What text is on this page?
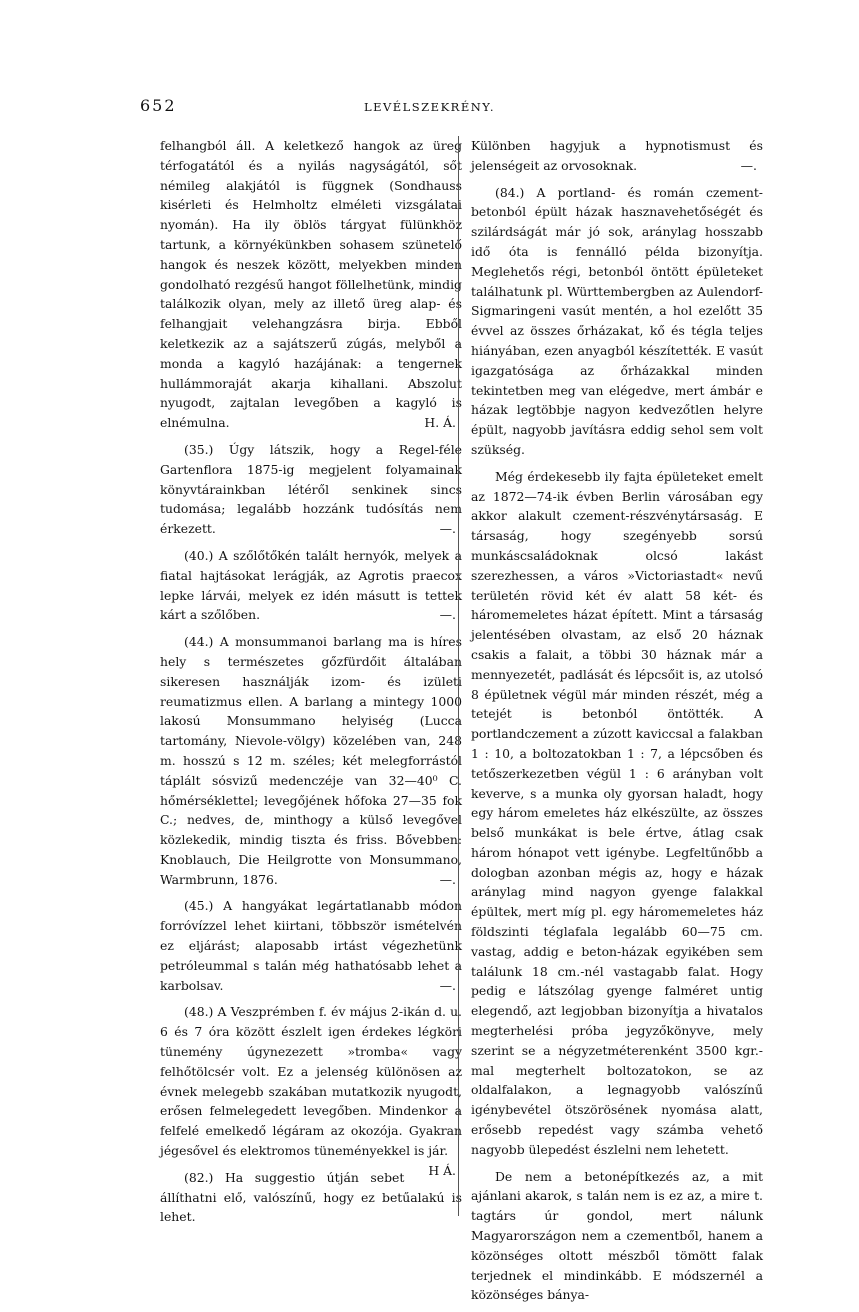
652	LEVÉLSZEKRÉNY.

felhangból áll. A keletkező hangok az üreg térfogatától és a nyilás nagyságától, sőt némileg alakjától is függnek (Sondhauss kisérleti és Helmholtz elméleti vizsgálatai nyomán). Ha ily öblös tárgyat fülünkhöz tartunk, a környékünkben sohasem szünetelő hangok és neszek között, melyekben minden gondolható rezgésű hangot föllelhetünk, mindig találkozik olyan, mely az illető üreg alap- és felhangjait velehangzásra birja. Ebből keletkezik az a sajátszerű zúgás, melyből a monda a kagyló hazájának: a tengernek hullámmoraját akarja kihallani. Abszolut nyugodt, zajtalan levegőben a kagyló is elnémulna.	H. Á.

(35.) Úgy látszik, hogy a Regel-féle Gartenflora 1875-ig megjelent folyamainak könyvtárainkban létéről senkinek sincs tudomása; legalább hozzánk tudósítás nem érkezett.	—.

(40.) A szőlőtőkén talált hernyók, melyek a fiatal hajtásokat lerágják, az Agrotis praecox lepke lárvái, melyek ez idén másutt is tettek kárt a szőlőben.	—.

(44.) A monsummanoi barlang ma is híres hely s természetes gőzfürdőit általában sikeresen használják izom- és izületi reumatizmus ellen. A barlang a mintegy 1000 lakosú Monsummano helyiség (Lucca tartomány, Nievole-völgy) közelében van, 248 m. hosszú s 12 m. széles; két melegforrástól táplált sósvizű medenczéje van 32—40⁰ C. hőmérséklettel; levegőjének hőfoka 27—35 fok C.; nedves, de, minthogy a külső levegővel közlekedik, mindig tiszta és friss. Bővebben: Knoblauch, Die Heilgrotte von Monsummano, Warmbrunn, 1876.	—.

(45.) A hangyákat legártatlanabb módon forróvízzel lehet kiirtani, többször ismételvén ez eljárást; alaposabb irtást végezhetünk petróleummal s talán még hathatósabb lehet a karbolsav.	—.

(48.) A Veszprémben f. év május 2-ikán d. u. 6 és 7 óra között észlelt igen érdekes légköri tünemény úgynezezett »tromba« vagy felhőtölcsér volt. Ez a jelenség különösen az évnek melegebb szakában mutatkozik nyugodt, erősen felmelegedett levegőben. Mindenkor a felfelé emelkedő légáram az okozója. Gyakran jégesővel és elektromos tüneményekkel is jár.
H Á.

(82.) Ha suggestio útján sebet állíthatni elő, valószínű, hogy ez betűalakú is lehet.

Különben hagyjuk a hypnotismust és jelenségeit az orvosoknak.	—.

(84.) A portland- és román czement-betonból épült házak hasznavehetőségét és szilárdságát már jó sok, aránylag hosszabb idő óta is fennálló példa bizonyítja. Meglehetős régi, betonból öntött épületeket találhatunk pl. Württembergben az Aulendorf-Sigmaringeni vasút mentén, a hol ezelőtt 35 évvel az összes őrházakat, kő és tégla teljes hiányában, ezen anyagból készítették. E vasút igazgatósága az őrházakkal minden tekintetben meg van elégedve, mert ámbár e házak legtöbbje nagyon kedvezőtlen helyre épült, nagyobb javításra eddig sehol sem volt szükség.

Még érdekesebb ily fajta épületeket emelt az 1872—74-ik évben Berlin városában egy akkor alakult czement-részvénytársaság. E társaság, hogy szegényebb sorsú munkáscsaládoknak olcsó lakást szerezhessen, a város »Victoriastadt« nevű területén rövid két év alatt 58 két- és háromemeletes házat épített. Mint a társaság jelentésében olvastam, az első 20 háznak csakis a falait, a többi 30 háznak már a mennyezetét, padlását és lépcsőit is, az utolsó 8 épületnek végül már minden részét, még a tetejét is betonból öntötték. A portlandczement a zúzott kaviccsal a falakban 1 : 10, a boltozatokban 1 : 7, a lépcsőben és tetőszerkezetben végül 1 : 6 arányban volt keverve, s a munka oly gyorsan haladt, hogy egy három emeletes ház elkészülte, az összes belső munkákat is bele értve, átlag csak három hónapot vett igénybe. Legfeltűnőbb a dologban azonban mégis az, hogy e házak aránylag mind nagyon gyenge falakkal épültek, mert míg pl. egy háromemeletes ház földszinti téglafala legalább 60—75 cm. vastag, addig e beton-házak egyikében sem találunk 18 cm.-nél vastagabb falat. Hogy pedig e látszólag gyenge falméret untig elegendő, azt legjobban bizonyítja a hivatalos megterhelési próba jegyzőkönyve, mely szerint se a négyzetméterenként 3500 kgr.-mal megterhelt boltozatokon, se az oldalfalakon, a legnagyobb valószínű igénybevétel ötszörösének nyomása alatt, erősebb repedést vagy számba vehető nagyobb ülepedést észlelni nem lehetett.

De nem a betonépítkezés az, a mit ajánlani akarok, s talán nem is ez az, a mire t. tagtárs úr gondol, mert nálunk Magyarországon nem a czementből, hanem a közönséges oltott mészből tömött falak terjednek el mindinkább. E módszernél a közönséges bánya-
